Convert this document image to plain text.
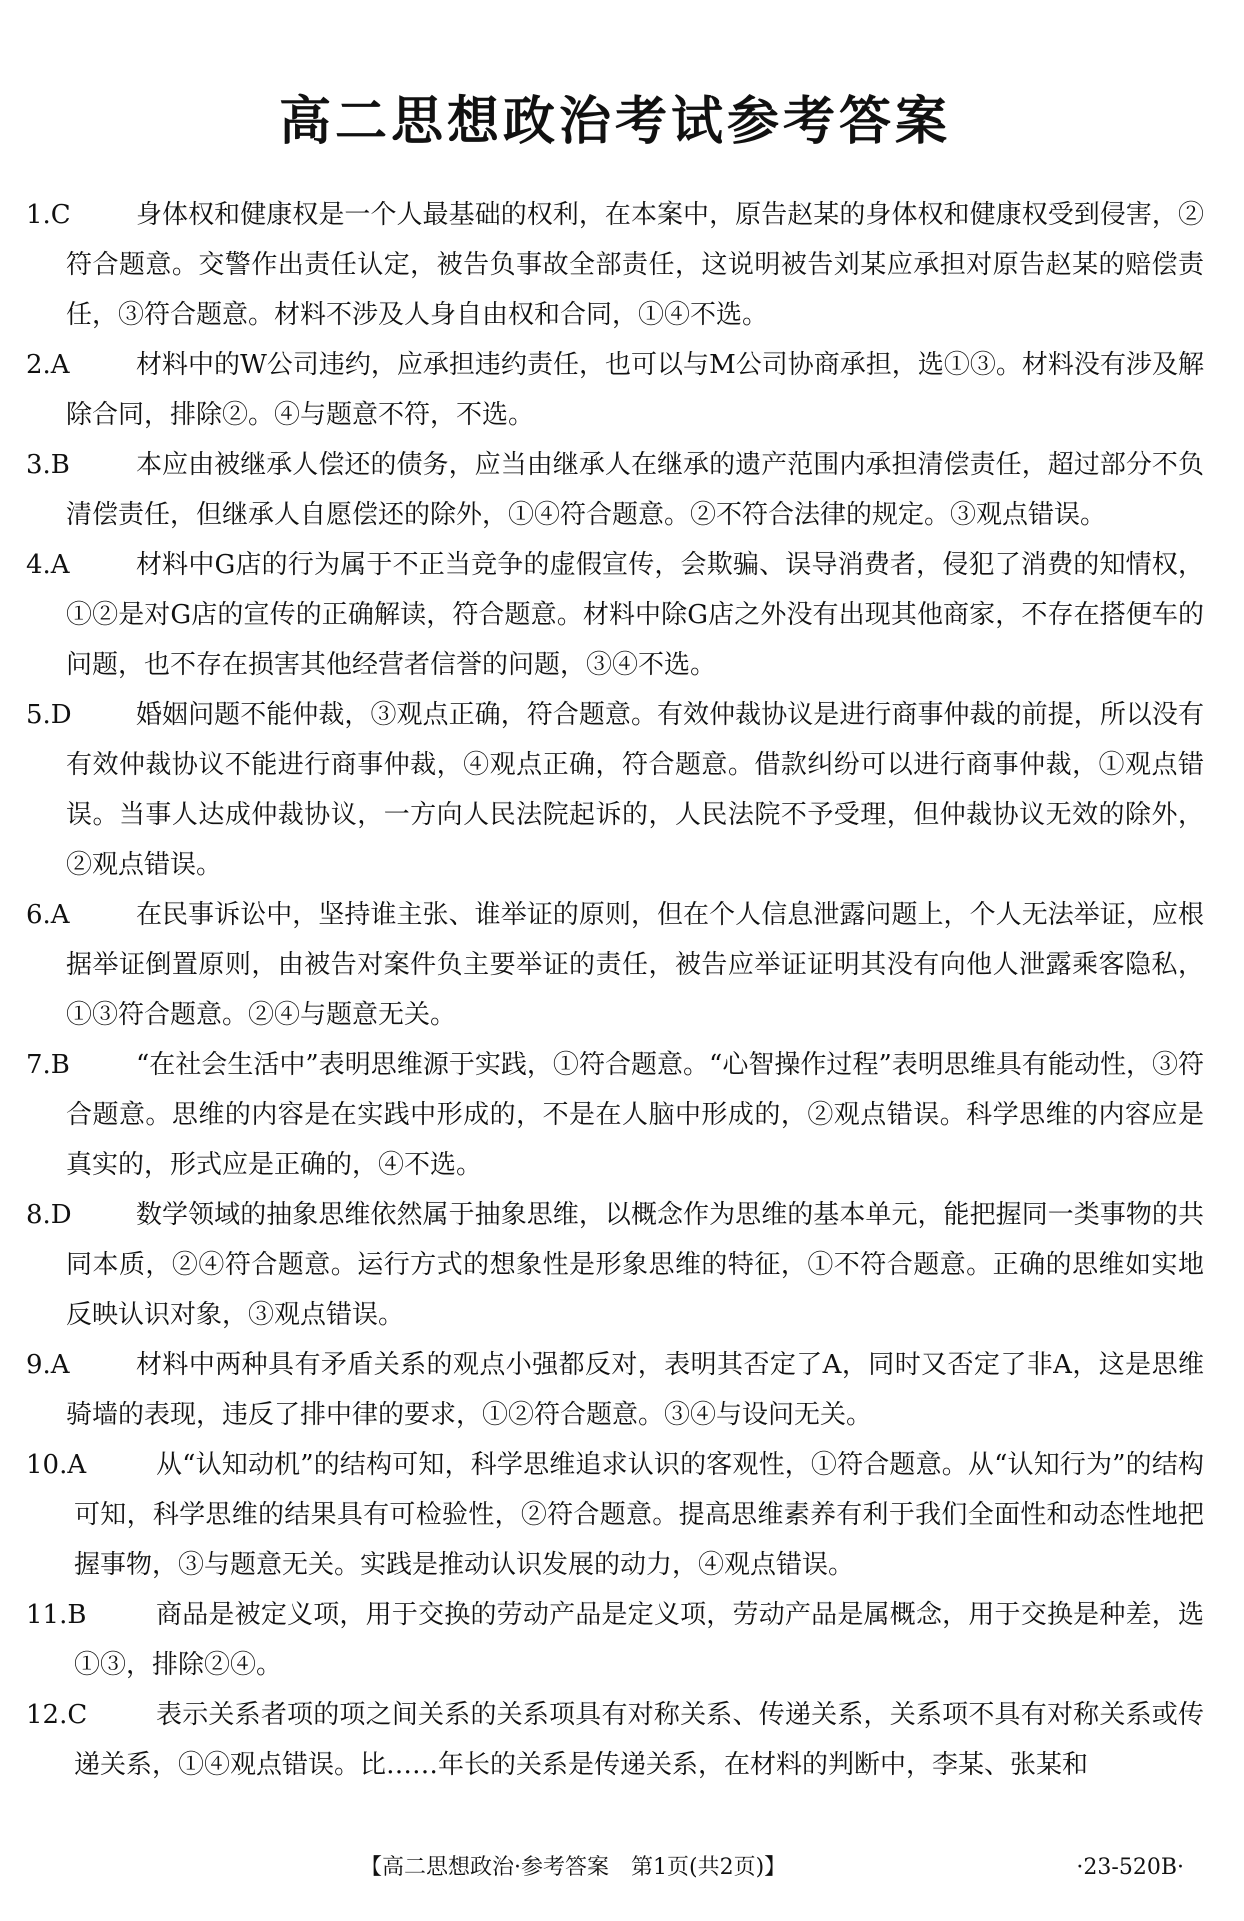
高二思想政治考试参考答案
1.C	身体权和健康权是一个人最基础的权利，在本案中，原告赵某的身体权和健康权受到侵害，②符合题意。交警作出责任认定，被告负事故全部责任，这说明被告刘某应承担对原告赵某的赔偿责任，③符合题意。材料不涉及人身自由权和合同，①④不选。
2.A	材料中的W公司违约，应承担违约责任，也可以与M公司协商承担，选①③。材料没有涉及解除合同，排除②。④与题意不符，不选。
3.B	本应由被继承人偿还的债务，应当由继承人在继承的遗产范围内承担清偿责任，超过部分不负清偿责任，但继承人自愿偿还的除外，①④符合题意。②不符合法律的规定。③观点错误。
4.A	材料中G店的行为属于不正当竞争的虚假宣传，会欺骗、误导消费者，侵犯了消费的知情权，①②是对G店的宣传的正确解读，符合题意。材料中除G店之外没有出现其他商家，不存在搭便车的问题，也不存在损害其他经营者信誉的问题，③④不选。
5.D	婚姻问题不能仲裁，③观点正确，符合题意。有效仲裁协议是进行商事仲裁的前提，所以没有有效仲裁协议不能进行商事仲裁，④观点正确，符合题意。借款纠纷可以进行商事仲裁，①观点错误。当事人达成仲裁协议，一方向人民法院起诉的，人民法院不予受理，但仲裁协议无效的除外，②观点错误。
6.A	在民事诉讼中，坚持谁主张、谁举证的原则，但在个人信息泄露问题上，个人无法举证，应根据举证倒置原则，由被告对案件负主要举证的责任，被告应举证证明其没有向他人泄露乘客隐私，①③符合题意。②④与题意无关。
7.B	“在社会生活中”表明思维源于实践，①符合题意。“心智操作过程”表明思维具有能动性，③符合题意。思维的内容是在实践中形成的，不是在人脑中形成的，②观点错误。科学思维的内容应是真实的，形式应是正确的，④不选。
8.D	数学领域的抽象思维依然属于抽象思维，以概念作为思维的基本单元，能把握同一类事物的共同本质，②④符合题意。运行方式的想象性是形象思维的特征，①不符合题意。正确的思维如实地反映认识对象，③观点错误。
9.A	材料中两种具有矛盾关系的观点小强都反对，表明其否定了A，同时又否定了非A，这是思维骑墙的表现，违反了排中律的要求，①②符合题意。③④与设问无关。
10.A	从“认知动机”的结构可知，科学思维追求认识的客观性，①符合题意。从“认知行为”的结构可知，科学思维的结果具有可检验性，②符合题意。提高思维素养有利于我们全面性和动态性地把握事物，③与题意无关。实践是推动认识发展的动力，④观点错误。
11.B	商品是被定义项，用于交换的劳动产品是定义项，劳动产品是属概念，用于交换是种差，选①③，排除②④。
12.C	表示关系者项的项之间关系的关系项具有对称关系、传递关系，关系项不具有对称关系或传递关系，①④观点错误。比……年长的关系是传递关系，在材料的判断中，李某、张某和
【高二思想政治·参考答案　第1页(共2页)】	·23-520B·
